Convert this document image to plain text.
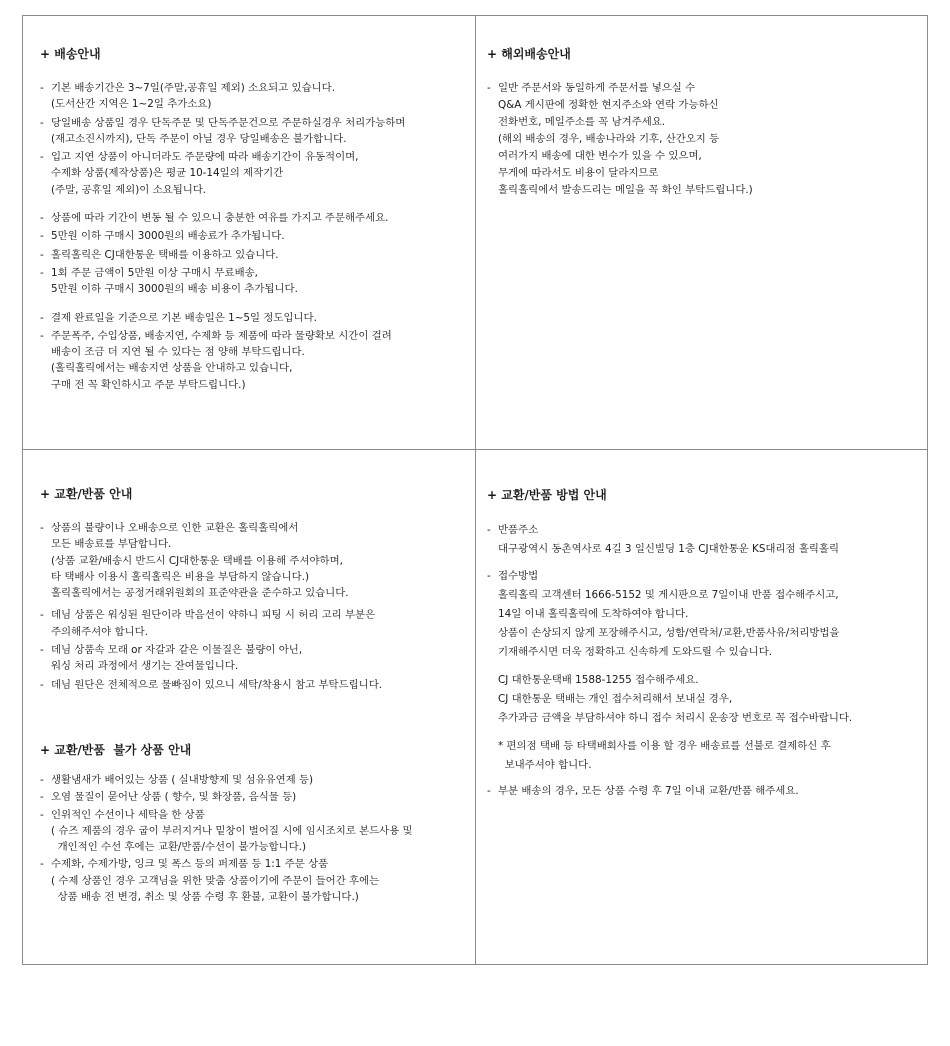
+ 배송안내
- 기본 배송기간은 3~7일(주말,공휴일 제외) 소요되고 있습니다.
(도서산간 지역은 1~2일 추가소요)
- 당일배송 상품일 경우 단독주문 및 단독주문건으로 주문하실경우 처리가능하며
(재고소진시까지), 단독 주문이 아닐 경우 당일배송은 불가합니다.
- 입고 지연 상품이 아니더라도 주문량에 따라 배송기간이 유동적이며,
수제화 상품(제작상품)은 평균 10-14일의 제작기간
(주말, 공휴일 제외)이 소요됩니다.
- 상품에 따라 기간이 변동 될 수 있으니 충분한 여유를 가지고 주문해주세요.
- 5만원 이하 구매시 3000원의 배송료가 추가됩니다.
- 홀릭홀릭은 CJ대한통운 택배를 이용하고 있습니다.
- 1회 주문 금액이 5만원 이상 구매시 무료배송,
5만원 이하 구매시 3000원의 배송 비용이 추가됩니다.
- 결제 완료일을 기준으로 기본 배송일은 1~5일 정도입니다.
- 주문폭주, 수입상품, 배송지연, 수제화 등 제품에 따라 물량확보 시간이 걸려
배송이 조금 더 지연 될 수 있다는 점 양해 부탁드립니다.
(홀릭홀릭에서는 배송지연 상품을 안내하고 있습니다,
구매 전 꼭 확인하시고 주문 부탁드립니다.)
+ 해외배송안내
- 일반 주문서와 동일하게 주문서를 넣으실 수
Q&A 게시판에 정확한 현지주소와 연락 가능하신
전화번호, 메일주소를 꼭 남겨주세요.
(해외 배송의 경우, 배송나라와 기후, 산간오지 등
여러가지 배송에 대한 변수가 있을 수 있으며,
무게에 따라서도 비용이 달라지므로
홀릭홀릭에서 발송드리는 메일을 꼭 화인 부탁드립니다.)
+ 교환/반품 안내
- 상품의 불량이나 오배송으로 인한 교환은 홀릭홀릭에서
모든 배송료를 부담합니다.
(상품 교환/배송시 반드시 CJ대한통운 택배를 이용해 주셔야하며,
타 택배사 이용시 홀릭홀릭은 비용을 부담하지 않습니다.)
홀릭홀릭에서는 공정거래위원회의 표준약관을 준수하고 있습니다.
- 데님 상품은 워싱된 원단이라 박음선이 약하니 피팅 시 허리 고리 부분은
주의해주셔야 합니다.
- 데님 상품속 모래 or 자갈과 같은 이물질은 불량이 아닌,
워싱 처리 과정에서 생기는 잔여물입니다.
- 데님 원단은 전체적으로 물빠짐이 있으니 세탁/착용시 참고 부탁드립니다.
+ 교환/반품  불가 상품 안내
- 생활냄새가 배어있는 상품 ( 실내방향제 및 섬유유연제 등)
- 오염 물질이 묻어난 상품 ( 향수, 및 화장품, 음식물 등)
- 인위적인 수선이나 세탁을 한 상품
( 슈즈 제품의 경우 굽이 부러지거나 밑창이 벌어질 시에 임시조치로 본드사용 및
개인적인 수선 후에는 교환/반품/수선이 불가능합니다.)
- 수제화, 수제가방, 잉크 및 폭스 등의 퍼제품 등 1:1 주문 상품
( 수제 상품인 경우 고객님을 위한 맞춤 상품이기에 주문이 들어간 후에는
상품 배송 전 변경, 취소 및 상품 수령 후 환불, 교환이 불가합니다.)
+ 교환/반품 방법 안내
- 반품주소
대구광역시 동촌역사로 4길 3 일신빌딩 1층 CJ대한통운 KS대리점 홀릭홀릭
- 접수방법
홀릭홀릭 고객센터 1666-5152 및 게시판으로 7일이내 반품 접수해주시고,
14일 이내 홀릭홀릭에 도착하여야 합니다.
상품이 손상되지 않게 포장해주시고, 성함/연락처/교환,반품사유/처리방법을
기재해주시면 더욱 정확하고 신속하게 도와드릴 수 있습니다.
CJ 대한통운택배 1588-1255 접수해주세요.
CJ 대한통운 택배는 개인 접수처리해서 보내실 경우,
추가과금 금액을 부담하셔야 하니 접수 처리시 운송장 번호로 꼭 접수바랍니다.
* 편의점 택배 등 타택배회사를 이용 할 경우 배송료를 선불로 결제하신 후
보내주셔야 합니다.
- 부분 배송의 경우, 모든 상품 수령 후 7일 이내 교환/반품 해주세요.
